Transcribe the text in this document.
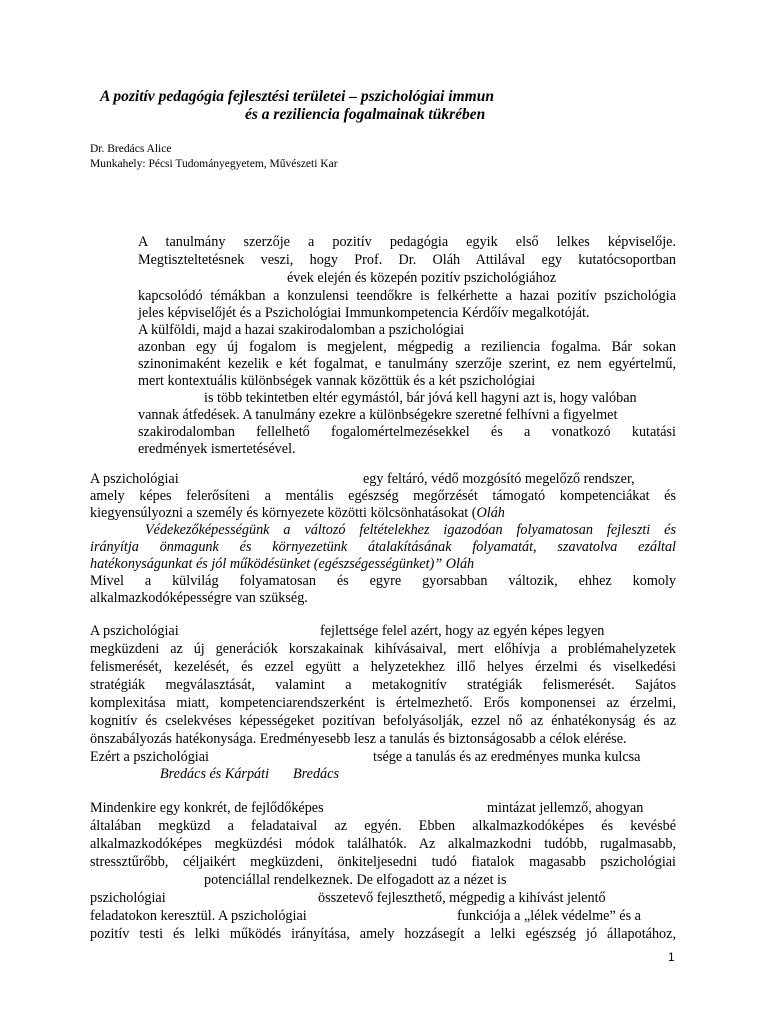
A pozitív pedagógia fejlesztési területei – pszichológiai immun
és a reziliencia fogalmainak tükrében
Dr. Bredács Alice
Munkahely: Pécsi Tudományegyetem, Művészeti Kar
A tanulmány szerzője a pozitív pedagógia egyik első lelkes képviselője.
Megtiszteltetésnek veszi, hogy Prof. Dr. Oláh Attilával egy kutatócsoportban
évek elején és közepén pozitív pszichológiához
kapcsolódó témákban a konzulensi teendőkre is felkérhette a hazai pozitív pszichológia
jeles képviselőjét és a Pszichológiai Immunkompetencia Kérdőív megalkotóját.
A külföldi, majd a hazai szakirodalomban a pszichológiai
azonban egy új fogalom is megjelent, mégpedig a reziliencia fogalma. Bár sokan
szinonimaként kezelik e két fogalmat, e tanulmány szerzője szerint, ez nem egyértelmű,
mert kontextuális különbségek vannak közöttük és a két pszichológiai
is több tekintetben eltér egymástól, bár jóvá kell hagyni azt is, hogy valóban
vannak átfedések. A tanulmány ezekre a különbségekre szeretné felhívni a figyelmet
szakirodalomban fellelhető fogalomértelmezésekkel és a vonatkozó kutatási
eredmények ismertetésével.
A pszichológiai	egy feltáró, védő mozgósító megelőző rendszer,
amely képes felerősíteni a mentális egészség megőrzését támogató kompetenciákat és
kiegyensúlyozni a személy és környezete közötti kölcsönhatásokat (Oláh
Védekezőképességünk a változó feltételekhez igazodóan folyamatosan fejleszti és
irányítja önmagunk és környezetünk átalakításának folyamatát, szavatolva ezáltal
hatékonyságunkat és jól működésünket (egészségességünket)” Oláh
Mivel a külvilág folyamatosan és egyre gyorsabban változik, ehhez komoly
alkalmazkodóképességre van szükség.
A pszichológiai	fejlettsége felel azért, hogy az egyén képes legyen
megküzdeni az új generációk korszakainak kihívásaival, mert előhívja a problémahelyzetek
felismerését, kezelését, és ezzel együtt a helyzetekhez illő helyes érzelmi és viselkedési
stratégiák megválasztását, valamint a metakognitív stratégiák felismerését. Sajátos
komplexitása miatt, kompetenciarendszerként is értelmezhető. Erős komponensei az érzelmi,
kognitív és cselekvéses képességeket pozitívan befolyásolják, ezzel nő az énhatékonyság és az
önszabályozás hatékonysága. Eredményesebb lesz a tanulás és biztonságosabb a célok elérése.
Ezért a pszichológiai	tsége a tanulás és az eredményes munka kulcsa
Bredács és Kárpáti Bredács
Mindenkire egy konkrét, de fejlődőképes	mintázat jellemző, ahogyan
általában megküzd a feladataival az egyén. Ebben alkalmazkodóképes és kevésbé
alkalmazkodóképes megküzdési módok találhatók. Az alkalmazkodni tudóbb, rugalmasabb,
stressztűrőbb, céljaikért megküzdeni, önkiteljesedni tudó fiatalok magasabb pszichológiai
potenciállal rendelkeznek. De elfogadott az a nézet is
pszichológiai	összetevő fejleszthető, mégpedig a kihívást jelentő
feladatokon keresztül. A pszichológiai	funkciója a „lélek védelme” és a
pozitív testi és lelki működés irányítása, amely hozzásegít a lelki egészség jó állapotához,
1
